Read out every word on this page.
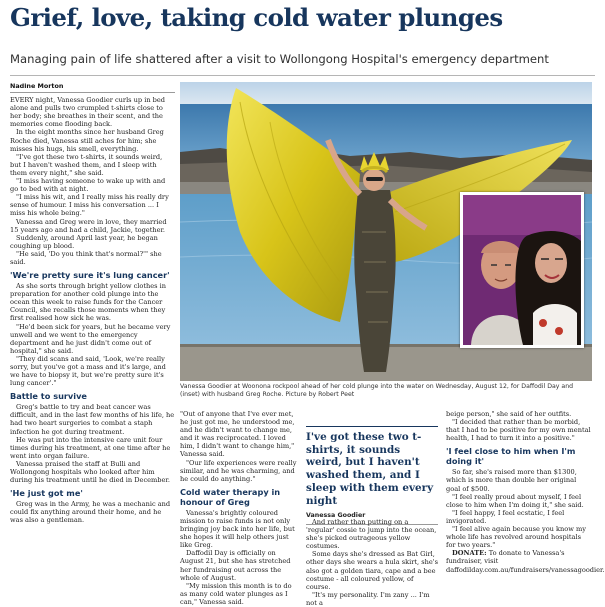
Grief, love, taking cold water plunges
Managing pain of life shattered after a visit to Wollongong Hospital's emergency department
Nadine Morton

EVERY night, Vanessa Goodier curls up in bed alone and pulls two crumpled t-shirts close to her body; she breathes in their scent, and the memories come flooding back.

In the eight months since her husband Greg Roche died, Vanessa still aches for him; she misses his hugs, his smell, everything.

"I've got these two t-shirts, it sounds weird, but I haven't washed them, and I sleep with them every night," she said.

"I miss having someone to wake up with and go to bed with at night.

"I miss his wit, and I really miss his really dry sense of humour. I miss his conversation ... I miss his whole being."

Vanessa and Greg were in love, they married 15 years ago and had a child, Jackie, together.

Suddenly, around April last year, he began coughing up blood.

"He said, 'Do you think that's normal?'" she said.

'We're pretty sure it's lung cancer'

As she sorts through bright yellow clothes in preparation for another cold plunge into the ocean this week to raise funds for the Cancer Council, she recalls those moments when they first realised how sick he was.

"He'd been sick for years, but he became very unwell and we went to the emergency department and he just didn't come out of hospital," she said.

"They did scans and said, 'Look, we're really sorry, but you've got a mass and it's large, and we have to biopsy it, but we're pretty sure it's lung cancer'."

Battle to survive

Greg's battle to try and beat cancer was difficult, and in the last few months of his life, he had two heart surgeries to combat a staph infection he got during treatment.

He was put into the intensive care unit four times during his treatment, at one time after he went into organ failure.

Vanessa praised the staff at Bulli and Wollongong hospitals who looked after him during his treatment until he died in December.

'He just got me'

Greg was in the Army, he was a mechanic and could fix anything around their home, and he was also a gentleman.

Vanessa Goodier at Woonona rockpool ahead of her cold plunge into the water on Wednesday, August 12, for Daffodil Day and (inset) with husband Greg Roche. Picture by Robert Peet

"Out of anyone that I've ever met, he just got me, he understood me, and he didn't want to change me, and it was reciprocated. I loved him, I didn't want to change him," Vanessa said.

"Our life experiences were really similar, and he was charming, and he could do anything."

Cold water therapy in honour of Greg

Vanessa's brightly coloured mission to raise funds is not only bringing joy back into her life, but she hopes it will help others just like Greg.

Daffodil Day is officially on August 21, but she has stretched her fundraising out across the whole of August.

"My mission this month is to do as many cold water plunges as I can," Vanessa said.

I've got these two t-shirts, it sounds weird, but I haven't washed them, and I sleep with them every night
Vanessa Goodier

And rather than putting on a 'regular' cossie to jump into the ocean, she's picked outrageous yellow costumes.

Some days she's dressed as Bat Girl, other days she wears a hula skirt, she's also got a golden tiara, cape and a bee costume - all coloured yellow, of course.

"It's my personality. I'm zany ... I'm not a

beige person," she said of her outfits.

"I decided that rather than be morbid, that I had to be positive for my own mental health, I had to turn it into a positive."

'I feel close to him when I'm doing it'

So far, she's raised more than $1300, which is more than double her original goal of $500.

"I feel really proud about myself, I feel close to him when I'm doing it," she said.

"I feel happy, I feel ecstatic, I feel invigorated.

"I feel alive again because you know my whole life has revolved around hospitals for two years."

DONATE: To donate to Vanessa's fundraiser, visit daffodilday.com.au/fundraisers/vanessagoodier.
